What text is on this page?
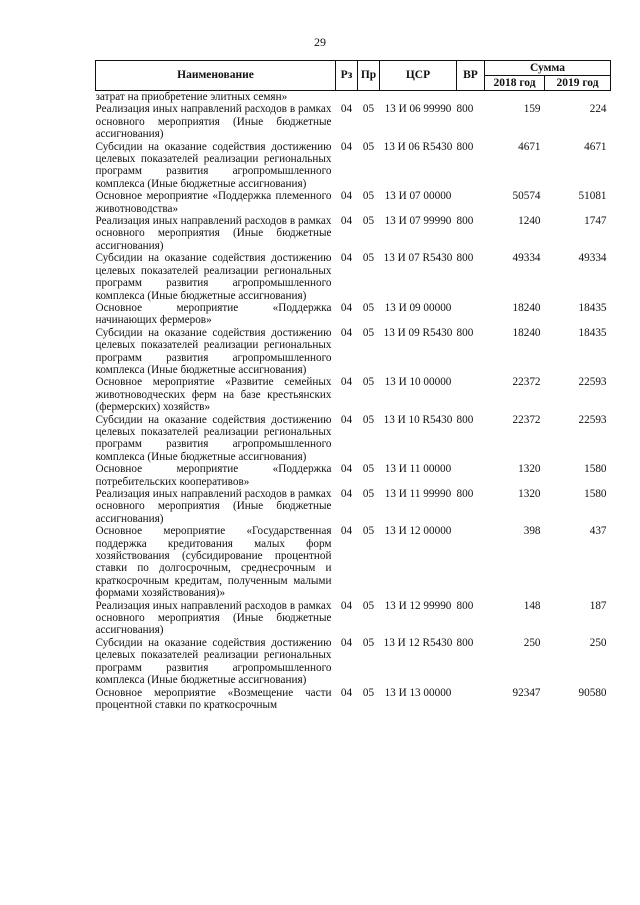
29
Наименование	Рз	Пр	ЦСР	ВР	Сумма	
					2018 год	2019 год
затрат на приобретение элитных семян»						
Реализация иных направлений расходов в рамках основного мероприятия (Иные бюджетные ассигнования)	04	05	13 И 06 99990	800	159	224
Субсидии на оказание содействия достижению целевых показателей реализации региональных программ развития агропромышленного комплекса (Иные бюджетные ассигнования)	04	05	13 И 06 R5430	800	4671	4671
Основное мероприятие «Поддержка племенного животноводства»	04	05	13 И 07 00000		50574	51081
Реализация иных направлений расходов в рамках основного мероприятия (Иные бюджетные ассигнования)	04	05	13 И 07 99990	800	1240	1747
Субсидии на оказание содействия достижению целевых показателей реализации региональных программ развития агропромышленного комплекса (Иные бюджетные ассигнования)	04	05	13 И 07 R5430	800	49334	49334
Основное мероприятие «Поддержка начинающих фермеров»	04	05	13 И 09 00000		18240	18435
Субсидии на оказание содействия достижению целевых показателей реализации региональных программ развития агропромышленного комплекса (Иные бюджетные ассигнования)	04	05	13 И 09 R5430	800	18240	18435
Основное мероприятие «Развитие семейных животноводческих ферм на базе крестьянских (фермерских) хозяйств»	04	05	13 И 10 00000		22372	22593
Субсидии на оказание содействия достижению целевых показателей реализации региональных программ развития агропромышленного комплекса (Иные бюджетные ассигнования)	04	05	13 И 10 R5430	800	22372	22593
Основное мероприятие «Поддержка потребительских кооперативов»	04	05	13 И 11 00000		1320	1580
Реализация иных направлений расходов в рамках основного мероприятия (Иные бюджетные ассигнования)	04	05	13 И 11 99990	800	1320	1580
Основное мероприятие «Государственная поддержка кредитования малых форм хозяйствования (субсидирование процентной ставки по долгосрочным, среднесрочным и краткосрочным кредитам, полученным малыми формами хозяйствования)»	04	05	13 И 12 00000		398	437
Реализация иных направлений расходов в рамках основного мероприятия (Иные бюджетные ассигнования)	04	05	13 И 12 99990	800	148	187
Субсидии на оказание содействия достижению целевых показателей реализации региональных программ развития агропромышленного комплекса (Иные бюджетные ассигнования)	04	05	13 И 12 R5430	800	250	250
Основное мероприятие «Возмещение части процентной ставки по краткосрочным	04	05	13 И 13 00000		92347	90580
